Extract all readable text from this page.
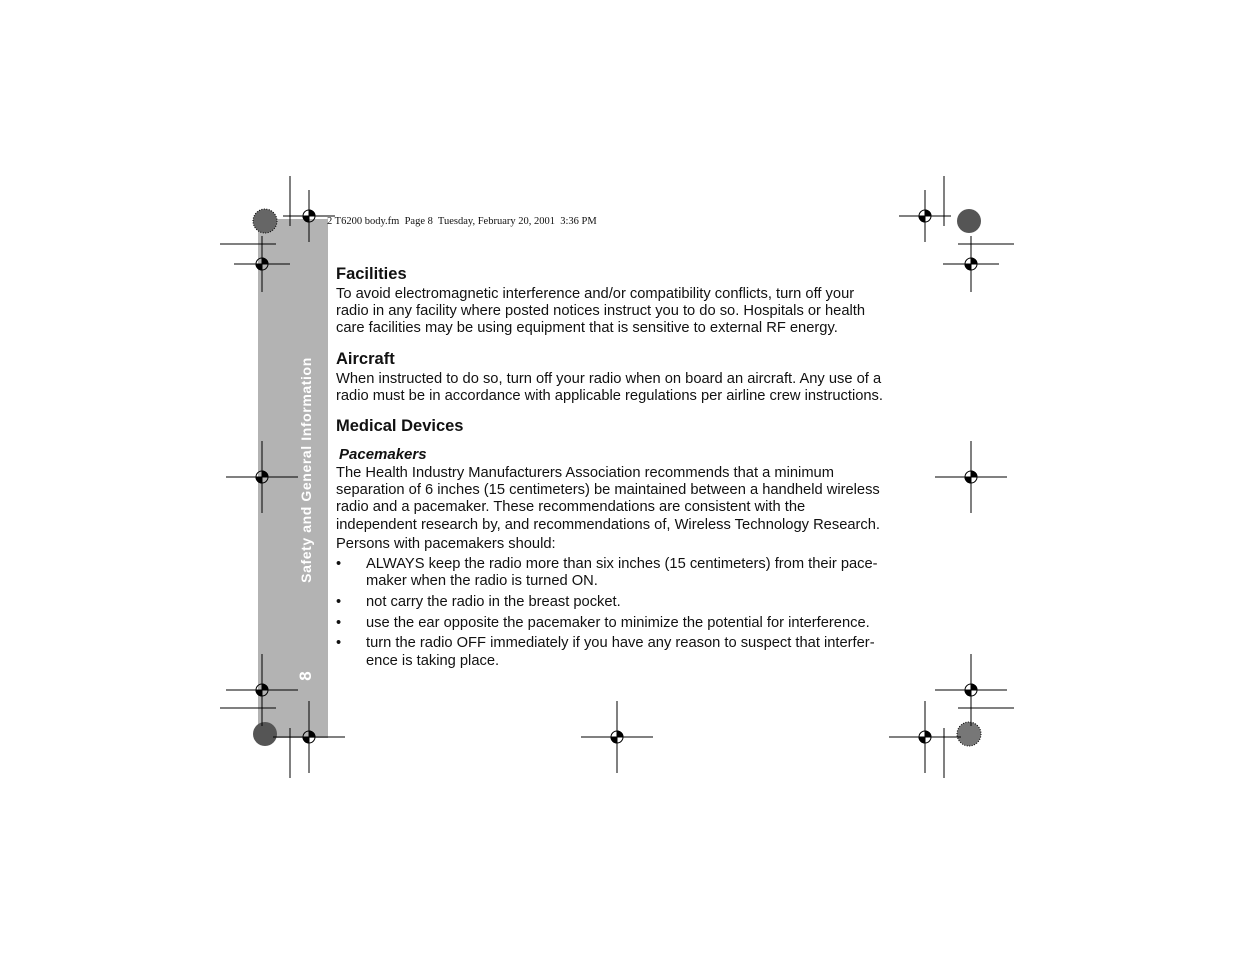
Safety and General Information
8
2 T6200 body.fm  Page 8  Tuesday, February 20, 2001  3:36 PM
Facilities

To avoid electromagnetic interference and/or compatibility conflicts, turn off your

radio in any facility where posted notices instruct you to do so. Hospitals or health

care facilities may be using equipment that is sensitive to external RF energy.

Aircraft

When instructed to do so, turn off your radio when on board an aircraft. Any use of a

radio must be in accordance with applicable regulations per airline crew instructions.

Medical Devices
Pacemakers

The Health Industry Manufacturers Association recommends that a minimum

separation of 6 inches (15 centimeters) be maintained between a handheld wireless

radio and a pacemaker. These recommendations are consistent with the

independent research by, and recommendations of, Wireless Technology Research.

Persons with pacemakers should:

• ALWAYS keep the radio more than six inches (15 centimeters) from their pace-
maker when the radio is turned ON.
• not carry the radio in the breast pocket.
• use the ear opposite the pacemaker to minimize the potential for interference.
• turn the radio OFF immediately if you have any reason to suspect that interfer-
ence is taking place.
